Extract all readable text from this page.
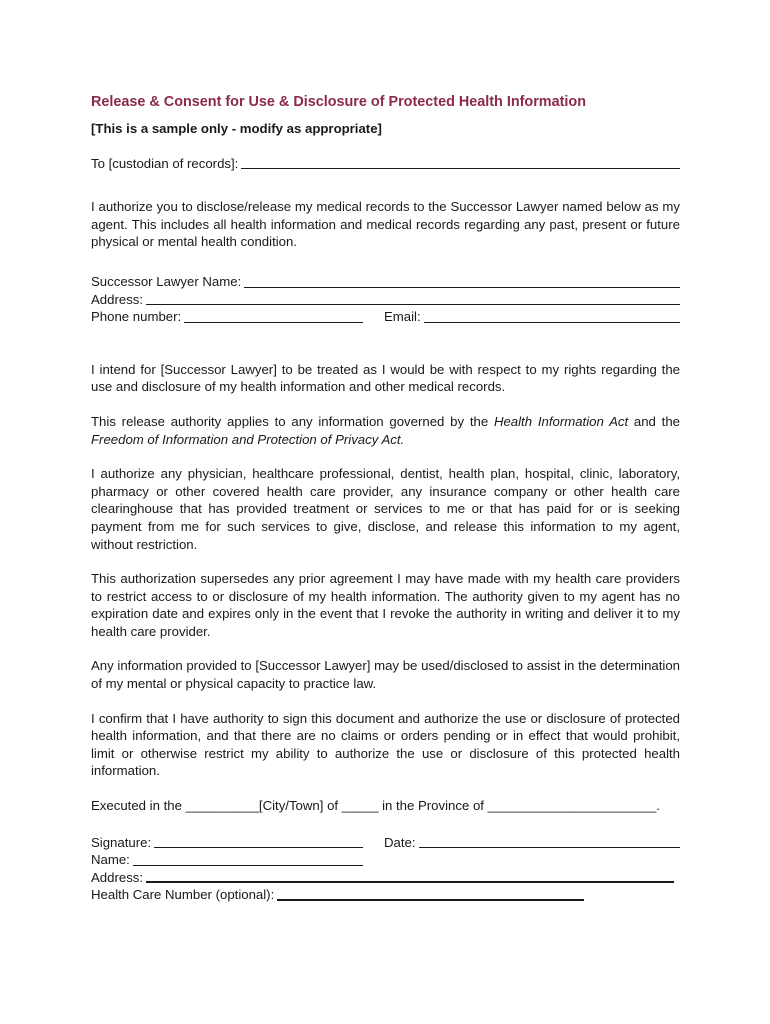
Release & Consent for Use & Disclosure of Protected Health Information
[This is a sample only - modify as appropriate]
To [custodian of records]:

I authorize you to disclose/release my medical records to the Successor Lawyer named below as my agent. This includes all health information and medical records regarding any past, present or future physical or mental health condition.

Successor Lawyer Name:
Address:
Phone number:	Email:

I intend for [Successor Lawyer] to be treated as I would be with respect to my rights regarding the use and disclosure of my health information and other medical records.

This release authority applies to any information governed by the Health Information Act and the Freedom of Information and Protection of Privacy Act.

I authorize any physician, healthcare professional, dentist, health plan, hospital, clinic, laboratory, pharmacy or other covered health care provider, any insurance company or other health care clearinghouse that has provided treatment or services to me or that has paid for or is seeking payment from me for such services to give, disclose, and release this information to my agent, without restriction.

This authorization supersedes any prior agreement I may have made with my health care providers to restrict access to or disclosure of my health information. The authority given to my agent has no expiration date and expires only in the event that I revoke the authority in writing and deliver it to my health care provider.

Any information provided to [Successor Lawyer] may be used/disclosed to assist in the determination of my mental or physical capacity to practice law.

I confirm that I have authority to sign this document and authorize the use or disclosure of protected health information, and that there are no claims or orders pending or in effect that would prohibit, limit or otherwise restrict my ability to authorize the use or disclosure of this protected health information.

Executed in the __________[City/Town] of _____ in the Province of _______________________.
Signature:	Date:
Name:
Address:
Health Care Number (optional):
